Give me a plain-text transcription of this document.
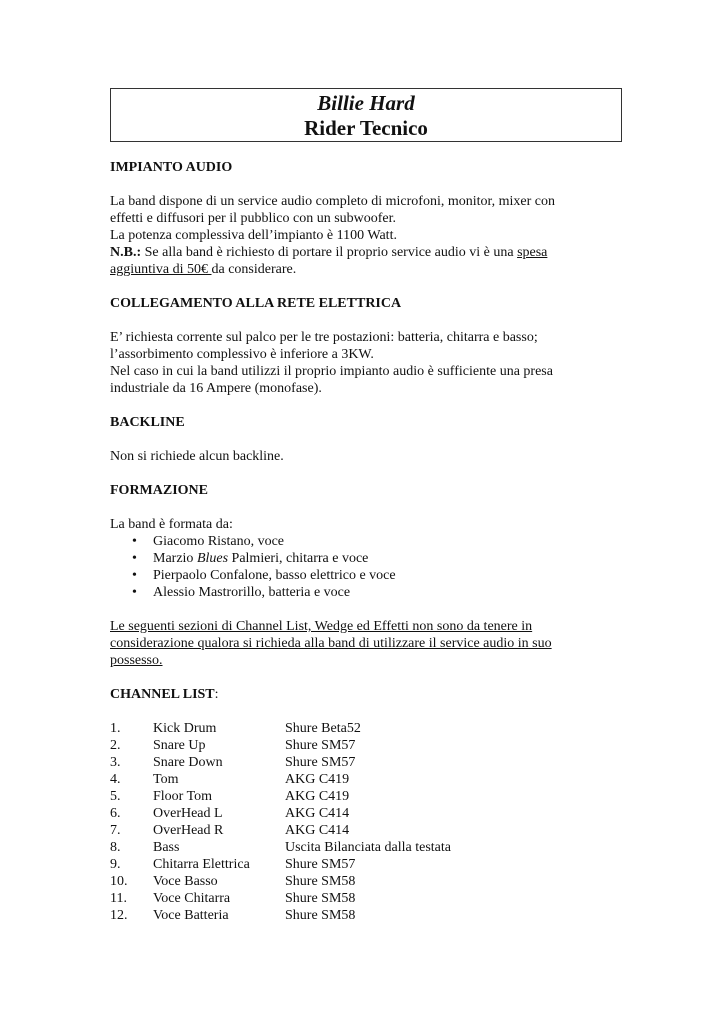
Billie Hard
Rider Tecnico

IMPIANTO AUDIO

La band dispone di un service audio completo di microfoni, monitor, mixer con

effetti e diffusori per il pubblico con un subwoofer.

La potenza complessiva dell’impianto è 1100 Watt.

N.B.: Se alla band è richiesto di portare il proprio service audio vi è una spesa

aggiuntiva di 50€ da considerare.

COLLEGAMENTO ALLA RETE ELETTRICA

E’ richiesta corrente sul palco per le tre postazioni: batteria, chitarra e basso;

l’assorbimento complessivo è inferiore a 3KW.

Nel caso in cui la band utilizzi il proprio impianto audio è sufficiente una presa

industriale da 16 Ampere (monofase).

BACKLINE

Non si richiede alcun backline.

FORMAZIONE

La band è formata da:

• Giacomo Ristano, voce
• Marzio Blues Palmieri, chitarra e voce
• Pierpaolo Confalone, basso elettrico e voce
• Alessio Mastrorillo, batteria e voce

Le seguenti sezioni di Channel List, Wedge ed Effetti non sono da tenere in

considerazione qualora si richieda alla band di utilizzare il service audio in suo

possesso.

CHANNEL LIST:

1.	Kick Drum	Shure Beta52
2.	Snare Up	Shure SM57
3.	Snare Down	Shure SM57
4.	Tom	AKG C419
5.	Floor Tom	AKG C419
6.	OverHead L	AKG C414
7.	OverHead R	AKG C414
8.	Bass	Uscita Bilanciata dalla testata
9.	Chitarra Elettrica	Shure SM57
10.	Voce Basso	Shure SM58
11.	Voce Chitarra	Shure SM58
12.	Voce Batteria	Shure SM58
